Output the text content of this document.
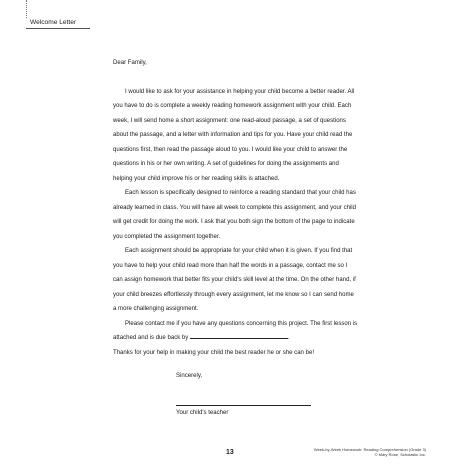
Welcome Letter

Dear Family,

I would like to ask for your assistance in helping your child become a better reader. All you have to do is complete a weekly reading homework assignment with your child. Each week, I will send home a short assignment: one read-aloud passage, a set of questions about the passage, and a letter with information and tips for you. Have your child read the questions first, then read the passage aloud to you. I would like your child to answer the questions in his or her own writing. A set of guidelines for doing the assignments and helping your child improve his or her reading skills is attached.

Each lesson is specifically designed to reinforce a reading standard that your child has already learned in class. You will have all week to complete this assignment, and your child will get credit for doing the work. I ask that you both sign the bottom of the page to indicate you completed the assignment together.

Each assignment should be appropriate for your child when it is given. If you find that you have to help your child read more than half the words in a passage, contact me so I can assign homework that better fits your child's skill level at the time. On the other hand, if your child breezes effortlessly through every assignment, let me know so I can send home a more challenging assignment.

Please contact me if you have any questions concerning this project. The first lesson is attached and is due back by	.

Thanks for your help in making your child the best reader he or she can be!

Sincerely,
Your child's teacher
13	Week-by-Week Homework: Reading Comprehension (Grade 3)
© Mary Rose, Scholastic Inc.
